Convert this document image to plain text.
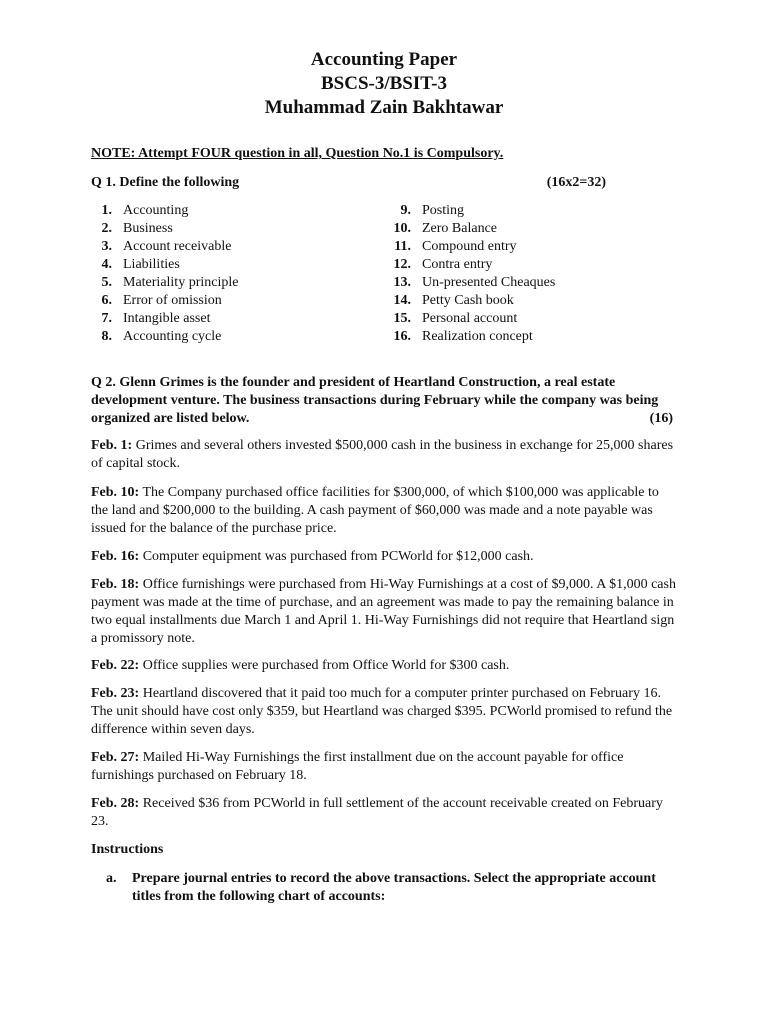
Accounting Paper
BSCS-3/BSIT-3
Muhammad Zain Bakhtawar
NOTE: Attempt FOUR question in all, Question No.1 is Compulsory.
Q 1. Define the following	(16x2=32)
1. Accounting
2. Business
3. Account receivable
4. Liabilities
5. Materiality principle
6. Error of omission
7. Intangible asset
8. Accounting cycle
9. Posting
10. Zero Balance
11. Compound entry
12. Contra entry
13. Un-presented Cheaques
14. Petty Cash book
15. Personal account
16. Realization concept
Q 2. Glenn Grimes is the founder and president of Heartland Construction, a real estate development venture. The business transactions during February while the company was being organized are listed below.	(16)
Feb. 1: Grimes and several others invested $500,000 cash in the business in exchange for 25,000 shares of capital stock.
Feb. 10: The Company purchased office facilities for $300,000, of which $100,000 was applicable to the land and $200,000 to the building. A cash payment of $60,000 was made and a note payable was issued for the balance of the purchase price.
Feb. 16: Computer equipment was purchased from PCWorld for $12,000 cash.
Feb. 18: Office furnishings were purchased from Hi-Way Furnishings at a cost of $9,000. A $1,000 cash payment was made at the time of purchase, and an agreement was made to pay the remaining balance in two equal installments due March 1 and April 1. Hi-Way Furnishings did not require that Heartland sign a promissory note.
Feb. 22: Office supplies were purchased from Office World for $300 cash.
Feb. 23: Heartland discovered that it paid too much for a computer printer purchased on February 16. The unit should have cost only $359, but Heartland was charged $395. PCWorld promised to refund the difference within seven days.
Feb. 27: Mailed Hi-Way Furnishings the first installment due on the account payable for office furnishings purchased on February 18.
Feb. 28: Received $36 from PCWorld in full settlement of the account receivable created on February 23.
Instructions
a.	Prepare journal entries to record the above transactions. Select the appropriate account titles from the following chart of accounts:
